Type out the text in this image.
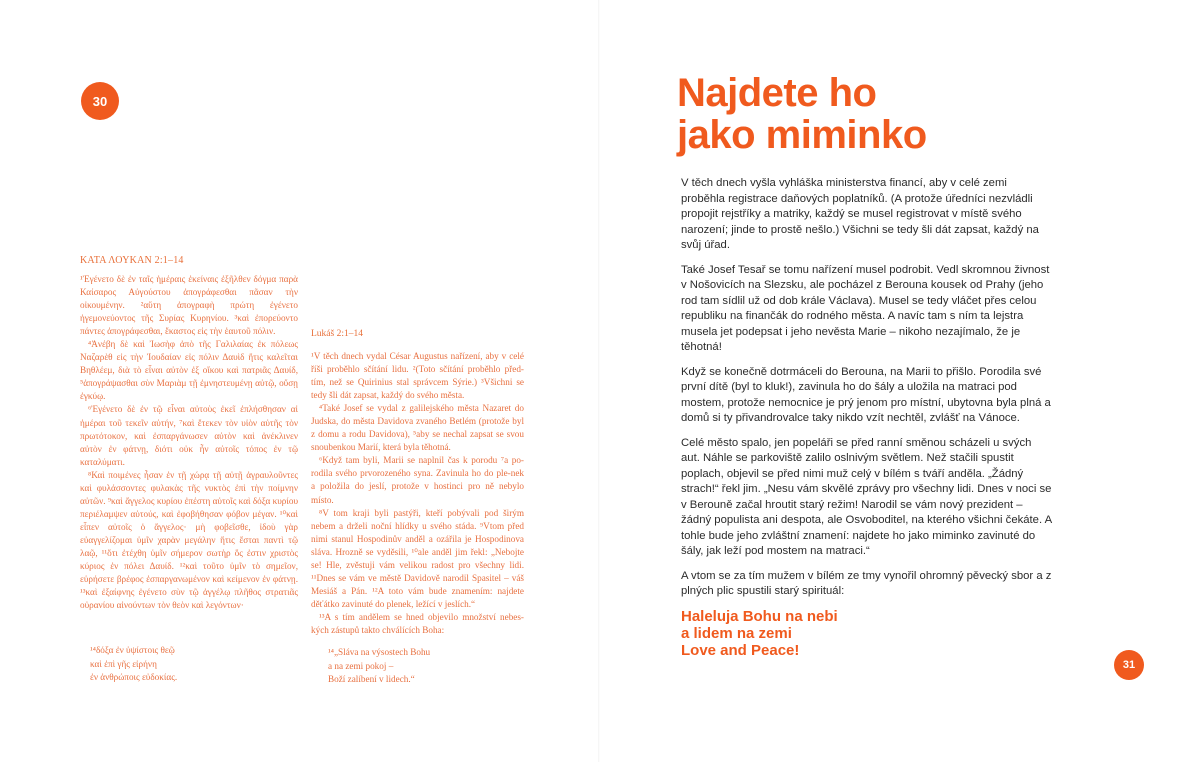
30
ΚΑΤΑ ΛΟΥΚΑΝ 2:1–14

¹Ἐγένετο δὲ ἐν ταῖς ἡμέραις ἐκείναις ἐξῆλθεν δόγμα παρὰ Καίσαρος Αὐγούστου ἀπογράφεσθαι πᾶσαν τὴν οἰκουμένην. ²αὕτη ἀπογραφὴ πρώτη ἐγένετο ἡγεμονεύοντος τῆς Συρίας Κυρηνίου. ³καὶ ἐπορεύοντο πάντες ἀπογράφεσθαι, ἕκαστος εἰς τὴν ἑαυτοῦ πόλιν.

⁴Ἀνέβη δὲ καὶ Ἰωσὴφ ἀπὸ τῆς Γαλιλαίας ἐκ πόλεως Ναζαρὲθ εἰς τὴν Ἰουδαίαν εἰς πόλιν Δαυὶδ ἥτις καλεῖται Βηθλέεμ, διὰ τὸ εἶναι αὐτὸν ἐξ οἴκου καὶ πατριᾶς Δαυίδ, ⁵ἀπογράψασθαι σὺν Μαριὰμ τῇ ἐμνηστευμένῃ αὐτῷ, οὔσῃ ἐγκύῳ.

⁶Ἐγένετο δὲ ἐν τῷ εἶναι αὐτοὺς ἐκεῖ ἐπλήσθησαν αἱ ἡμέραι τοῦ τεκεῖν αὐτήν, ⁷καὶ ἔτεκεν τὸν υἱὸν αὐτῆς τὸν πρωτότοκον, καὶ ἐσπαργάνωσεν αὐτὸν καὶ ἀνέκλινεν αὐτὸν ἐν φάτνῃ, διότι οὐκ ἦν αὐτοῖς τόπος ἐν τῷ καταλύματι.

⁸Καὶ ποιμένες ἦσαν ἐν τῇ χώρᾳ τῇ αὐτῇ ἀγραυλοῦντες καὶ φυλάσσοντες φυλακὰς τῆς νυκτὸς ἐπὶ τὴν ποίμνην αὐτῶν. ⁹καὶ ἄγγελος κυρίου ἐπέστη αὐτοῖς καὶ δόξα κυρίου περιέλαμψεν αὐτούς, καὶ ἐφοβήθησαν φόβον μέγαν. ¹⁰καὶ εἶπεν αὐτοῖς ὁ ἄγγελος· μὴ φοβεῖσθε, ἰδοὺ γὰρ εὐαγγελίζομαι ὑμῖν χαρὰν μεγάλην ἥτις ἔσται παντὶ τῷ λαῷ, ¹¹ὅτι ἐτέχθη ὑμῖν σήμερον σωτὴρ ὅς ἐστιν χριστὸς κύριος ἐν πόλει Δαυίδ. ¹²καὶ τοῦτο ὑμῖν τὸ σημεῖον, εὑρήσετε βρέφος ἐσπαργανωμένον καὶ κείμενον ἐν φάτνῃ. ¹³καὶ ἐξαίφνης ἐγένετο σὺν τῷ ἀγγέλῳ πλῆθος στρατιᾶς οὐρανίου αἰνούντων τὸν θεὸν καὶ λεγόντων·

¹⁴δόξα ἐν ὑψίστοις θεῷ
καὶ ἐπὶ γῆς εἰρήνη
ἐν ἀνθρώποις εὐδοκίας.
Lukáš 2:1–14

¹V těch dnech vydal César Augustus nařízení, aby v celé říši proběhlo sčítání lidu. ²(Toto sčítání proběhlo před-tím, než se Quirinius stal správcem Sýrie.) ³Všichni se tedy šli dát zapsat, každý do svého města.

⁴Také Josef se vydal z galilejského města Nazaret do Judska, do města Davidova zvaného Betlém (protože byl z domu a rodu Davidova), ⁵aby se nechal zapsat se svou snoubenkou Marií, která byla těhotná.

⁶Když tam byli, Marii se naplnil čas k porodu ⁷a po-rodila svého prvorozeného syna. Zavinula ho do ple-nek a položila do jeslí, protože v hostinci pro ně nebylo místo.

⁸V tom kraji byli pastýři, kteří pobývali pod širým nebem a drželi noční hlídky u svého stáda. ⁹Vtom před nimi stanul Hospodinův anděl a ozářila je Hospodinova sláva. Hrozně se vyděsili, ¹⁰ale anděl jim řekl: „Nebojte se! Hle, zvěstuji vám velikou radost pro všechny lidi. ¹¹Dnes se vám ve městě Davidově narodil Spasitel – váš Mesiáš a Pán. ¹²A toto vám bude znamením: najdete děťátko zavinuté do plenek, ležící v jeslích.“

¹³A s tím andělem se hned objevilo množství nebes-kých zástupů takto chválících Boha:

¹⁴„Sláva na výsostech Bohu
a na zemi pokoj –
Boží zalíbení v lidech.“
Najdete ho
jako miminko

V těch dnech vyšla vyhláška ministerstva financí, aby v celé zemi proběhla registrace daňových poplatníků. (A protože úředníci nezvládli propojit rejstříky a matriky, každý se musel registrovat v místě svého narození; jinde to prostě nešlo.) Všichni se tedy šli dát zapsat, každý na svůj úřad.

Také Josef Tesař se tomu nařízení musel podrobit. Vedl skromnou živnost v Nošovicích na Slezsku, ale pocházel z Berouna kousek od Prahy (jeho rod tam sídlil už od dob krále Václava). Musel se tedy vláčet přes celou republiku na finančák do rodného města. A navíc tam s ním ta lejstra musela jet podepsat i jeho nevěsta Marie – nikoho nezajímalo, že je těhotná!

Když se konečně dotrmáceli do Berouna, na Marii to přišlo. Porodila své první dítě (byl to kluk!), zavinula ho do šály a uložila na matraci pod mostem, protože nemocnice je prý jenom pro místní, ubytovna byla plná a domů si ty přivandrovalce taky nikdo vzít nechtěl, zvlášť na Vánoce.

Celé město spalo, jen popeláři se před ranní směnou scházeli u svých aut. Náhle se parkoviště zalilo oslnivým světlem. Než stačili spustit poplach, objevil se před nimi muž celý v bílém s tváří anděla. „Žádný strach!“ řekl jim. „Nesu vám skvělé zprávy pro všechny lidi. Dnes v noci se v Berouně začal hroutit starý režim! Narodil se vám nový prezident – žádný populista ani despota, ale Osvoboditel, na kterého všichni čekáte. A tohle bude jeho zvláštní znamení: najdete ho jako miminko zavinuté do šály, jak leží pod mostem na matraci.“

A vtom se za tím mužem v bílém ze tmy vynořil ohromný pěvecký sbor a z plných plic spustili starý spirituál:

Haleluja Bohu na nebi
a lidem na zemi
Love and Peace!
31
